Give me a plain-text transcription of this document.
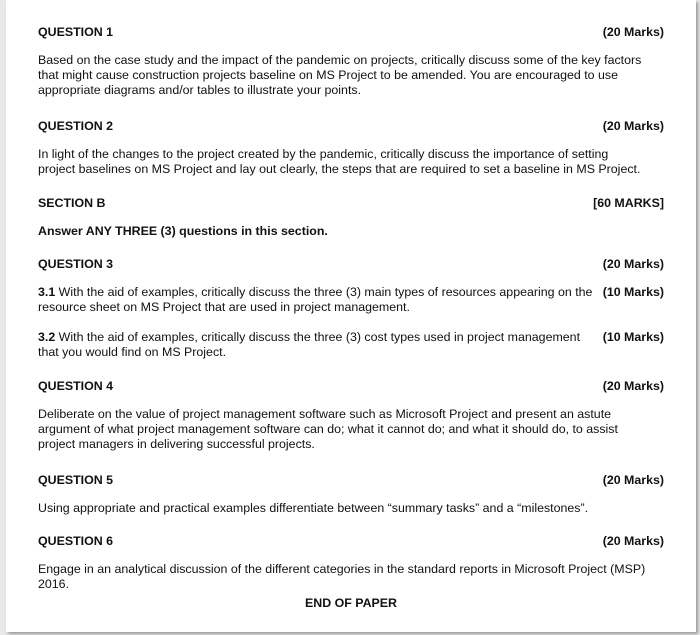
QUESTION 1	(20 Marks)
Based on the case study and the impact of the pandemic on projects, critically discuss some of the key factors that might cause construction projects baseline on MS Project to be amended. You are encouraged to use appropriate diagrams and/or tables to illustrate your points.
QUESTION 2	(20 Marks)
In light of the changes to the project created by the pandemic, critically discuss the importance of setting project baselines on MS Project and lay out clearly, the steps that are required to set a baseline in MS Project.
SECTION B	[60 MARKS]
Answer ANY THREE (3) questions in this section.
QUESTION 3	(20 Marks)
3.1 With the aid of examples, critically discuss the three (3) main types of resources appearing on the resource sheet on MS Project that are used in project management.
(10 Marks)
3.2 With the aid of examples, critically discuss the three (3) cost types used in project management that you would find on MS Project.
(10 Marks)
QUESTION 4	(20 Marks)
Deliberate on the value of project management software such as Microsoft Project and present an astute argument of what project management software can do; what it cannot do; and what it should do, to assist project managers in delivering successful projects.
QUESTION 5	(20 Marks)
Using appropriate and practical examples differentiate between “summary tasks” and a “milestones”.
QUESTION 6	(20 Marks)
Engage in an analytical discussion of the different categories in the standard reports in Microsoft Project (MSP) 2016.
END OF PAPER
